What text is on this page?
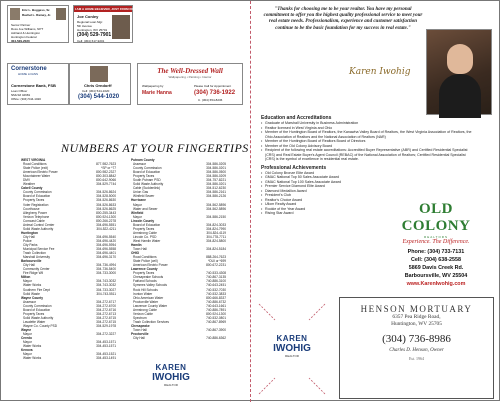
Eric L. Boggess, Sr.
Rachel L. Ramey, Jr.
Senior Partner
Ross Joe Williams, NPT
Ashland & Huntington
Huntington Federal
304-529-2020
I AM A HOME BELIEVER, JUST FROM DOE TOWN!
Joe Conley
Regional Loan Mgr.
5th Avenue
Huntington, WV 25701
(304) 529-7901
Cell: (304) 617-9201
Cornerstone
HOME LOANS
Cornerstone Bank, FSB
Loan Officer
NMLS# 42981
Office: (304) 544-1020
Chris Orndorff
Cell: (304) 544-1020
(304) 544-1020
The Well-Dressed Wall
Wallpapering • Painting • Interior
Wallpapering by
Marie Hanna
Please Call for Appointment
(304) 736-1922
C. (304) 654-8236
NUMBERS AT YOUR FINGERTIPS
WEST VIRGINIA
Road Conditions	877-982-7623
State Police (exit)	*SP or *77
American Electric Power	800-982-2327
Mountaineer Water	800-303-8842
DMV	800-642-9066
Weather	304-529-7744
Cabell County
County Commission	304-526-8624
Board of Education	304-528-5000
Property Taxes	304-526-8630
Voter Registration	304-526-8633
Courthouse	304-526-8625
Allegheny Power	800-255-3443
Verizon Telephone	800-924-1300
Comcast Cable	800-266-2278
Animal Control Center	304-696-5551
Solid Waste Authority	304-522-4211
Huntington
City Hall	304-696-5540
Police	304-696-4420
City Parks	304-696-5954
Municipal Service Fee	304-696-5558
Trash Collection	304-696-4401
Marshall University	304-696-3170
Barboursville
City Hall	304-736-4994
Community Center	304-736-5400
Fire Ridge Wll	304-733-3000
Milton
Mayor	304-743-3032
Water Works	304-743-3032
Southern Fire Dept	304-733-3027
Solid Waste	304-743-5511
Wayne County
Assessor	304-272-6717
County Commission	304-272-6700
Board of Education	304-272-6716
Property Taxes	304-272-6713
Solid Waste Authority	304-272-6715
Lavalette Water	304-272-6715
Wayne Co. County PSD	304-529-1978
Wayne
Mayor	304-272-3227
Ceredo
Mayor	304-453-1571
Water Works	304-453-1571
Kenova
Mayor	304-453-1521
Water Works	304-453-1491
Putnam County
Assessor	304-586-0205
County Commission	304-586-0201
Board of Education	304-586-0500
Property Taxes	304-586-0209
South Putnam PSD	304-757-8221
Solid Waste Authority	304-586-0201
Cable (Suddenlink)	304-512-6230
Union Gas	304-586-2161
Winfield Sewer	304-586-2126
Hurricane
Mayor	304-562-5896
Water and Sewer	304-562-5896
Winfield
Mayor	304-586-2150
Lincoln County
Board of Education	304-824-3033
Property Taxes	304-824-7990
Armstrong Cable	304-824-4119
Lincoln Co. PSD	304-778-7711
West Hamlin Water	304-824-5800
Hamlin
Town Hall	304-824-5184
OHIO
Road Conditions	888-264-7623
State Police (cell)	*DUI or *699
American Electric Power	800-672-2231
Lawrence County
Property Taxes	740-533-4308
Chesapeake Schools	740-867-3135
Fairland Schools	740-886-3100
Symmes Valley Schools	740-643-2451
Rock Hill Schools	740-532-7030
Ironton Water	740-532-3833
Ohio American Water	800-666-8337
Proctorville Water	740-886-6732
Lawrence County Water	740-643-1661
Armstrong Cable	740-886-7891
Verizon Cable	800-924-1300
Spectrum	740-532-0801
Trash Collection Services	740-867-8969
Chesapeake
Town Hall	740-867-3900
Proctorville
City Hall	740-886-6362
KAREN
IWOHIG
REALTOR
"Thanks for choosing me to be your realtor. You have my personal commitment to offer you the highest quality professional service to meet your real estate needs. Professionalism, experience and customer satisfaction continue to be the basic foundation for my success in real estate."
Karen Iwohig
Education and Accreditations
• Graduate of Marshall University in Business Administration
• Realtor licensed in West Virginia and Ohio
• Member of the Huntington Board of Realtors, the Kanawha Valley Board of Realtors, the West Virginia Association of Realtors, the Ohio Association of Realtors and the National Association of Realtors (NAR)
• Member of the Huntington Board of Realtors Board of Directors
• Member of the Old Colony Advisory Board
• Recipient of the following real estate accreditations: Accredited Buyer Representative (ABR) and Certified Residential Specialist (CRS) and Real Estate Buyer's Agent Council (REBAC) of the National Association of Realtors; Certified Residential Specialist (CRS) is the symbol of excellence in residential real estate.
Professional Achievements
• Old Colony Bronze Elite Award
• GMAC National Top 50 Sales Associate Award
• GMAC National Top 100 Sales Associate Award
• Premier Service Diamond Elite Award
• Diamond Medallion Award
• President's Club
• Realtor's Choice Award
• Ullom Realty Award
• Rookie of the Year Award
• Rising Star Award	OLD COLONY
REALTORS
Experience. The Difference.
Phone: (304) 733-7131
Cell: (304) 638-2558
5869 Davis Creek Rd.
Barboursville, WV 25504
www.KarenIwohig.com
KAREN
IWOHIG
REALTOR
HENSON MORTUARY
6357 Pea Ridge Road,
Huntington, WV 25705
(304) 736-8986
Charles D. Henson, Owner
Est. 1964
